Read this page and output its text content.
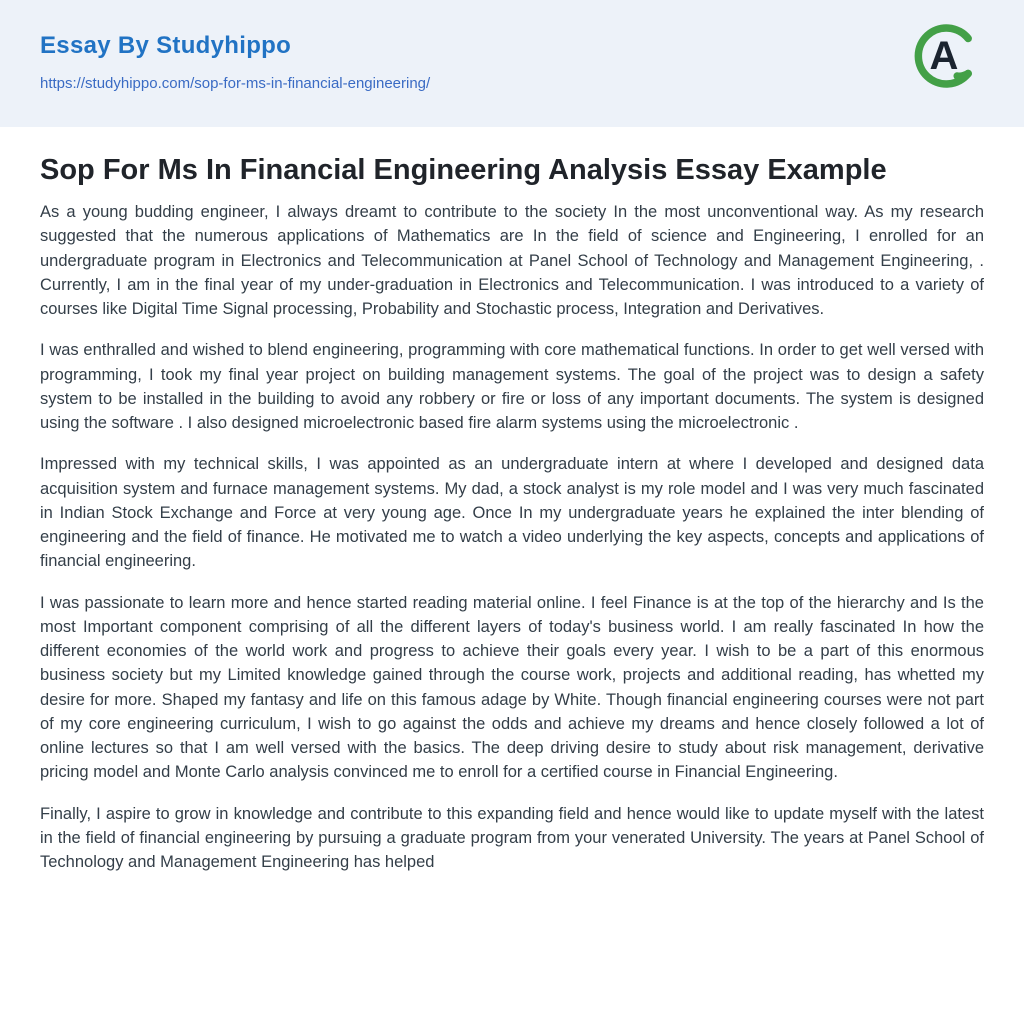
Essay By Studyhippo
https://studyhippo.com/sop-for-ms-in-financial-engineering/
A
Sop For Ms In Financial Engineering Analysis Essay Example

As a young budding engineer, I always dreamt to contribute to the society In the most unconventional way. As my research suggested that the numerous applications of Mathematics are In the field of science and Engineering, I enrolled for an undergraduate program in Electronics and Telecommunication at Panel School of Technology and Management Engineering, . Currently, I am in the final year of my under-graduation in Electronics and Telecommunication. I was introduced to a variety of courses like Digital Time Signal processing, Probability and Stochastic process, Integration and Derivatives.

I was enthralled and wished to blend engineering, programming with core mathematical functions. In order to get well versed with programming, I took my final year project on building management systems. The goal of the project was to design a safety system to be installed in the building to avoid any robbery or fire or loss of any important documents. The system is designed using the software . I also designed microelectronic based fire alarm systems using the microelectronic .

Impressed with my technical skills, I was appointed as an undergraduate intern at where I developed and designed data acquisition system and furnace management systems. My dad, a stock analyst is my role model and I was very much fascinated in Indian Stock Exchange and Force at very young age. Once In my undergraduate years he explained the inter blending of engineering and the field of finance. He motivated me to watch a video underlying the key aspects, concepts and applications of financial engineering.

I was passionate to learn more and hence started reading material online. I feel Finance is at the top of the hierarchy and Is the most Important component comprising of all the different layers of today's business world. I am really fascinated In how the different economies of the world work and progress to achieve their goals every year. I wish to be a part of this enormous business society but my Limited knowledge gained through the course work, projects and additional reading, has whetted my desire for more. Shaped my fantasy and life on this famous adage by White. Though financial engineering courses were not part of my core engineering curriculum, I wish to go against the odds and achieve my dreams and hence closely followed a lot of online lectures so that I am well versed with the basics. The deep driving desire to study about risk management, derivative pricing model and Monte Carlo analysis convinced me to enroll for a certified course in Financial Engineering.

Finally, I aspire to grow in knowledge and contribute to this expanding field and hence would like to update myself with the latest in the field of financial engineering by pursuing a graduate program from your venerated University. The years at Panel School of Technology and Management Engineering has helped
